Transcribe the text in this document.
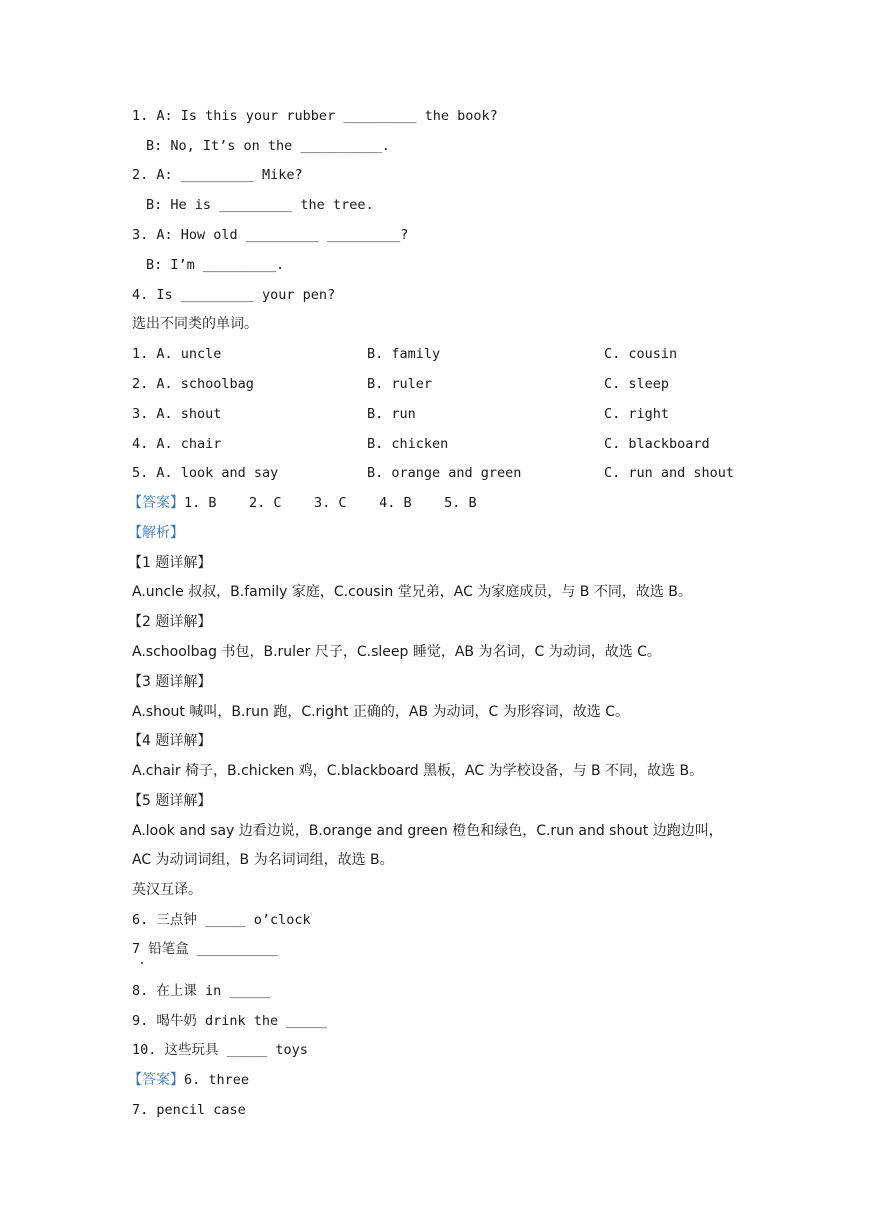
1. A: Is this your rubber _________ the book?
B: No, It’s on the __________.
2. A: _________ Mike?
B: He is _________ the tree.
3. A: How old _________ _________?
B: I’m _________.
4. Is _________ your pen?
选出不同类的单词。
1. A. uncle	B. family	C. cousin
2. A. schoolbag	B. ruler	C. sleep
3. A. shout	B. run	C. right
4. A. chair	B. chicken	C. blackboard
5. A. look and say	B. orange and green	C. run and shout
【答案】1. B    2. C    3. C    4. B    5. B
【解析】
【1 题详解】
A.uncle 叔叔，B.family 家庭，C.cousin 堂兄弟，AC 为家庭成员，与 B 不同，故选 B。
【2 题详解】
A.schoolbag 书包，B.ruler 尺子，C.sleep 睡觉，AB 为名词，C 为动词，故选 C。
【3 题详解】
A.shout 喊叫，B.run 跑，C.right 正确的，AB 为动词，C 为形容词，故选 C。
【4 题详解】
A.chair 椅子，B.chicken 鸡，C.blackboard 黑板，AC 为学校设备，与 B 不同，故选 B。
【5 题详解】
A.look and say 边看边说，B.orange and green 橙色和绿色，C.run and shout 边跑边叫，
AC 为动词词组，B 为名词词组，故选 B。
英汉互译。
6. 三点钟 _____ o’clock
7 铅笔盒 __________
8. 在上课 in _____
9. 喝牛奶 drink the _____
10. 这些玩具 _____ toys
【答案】6. three
7. pencil case
